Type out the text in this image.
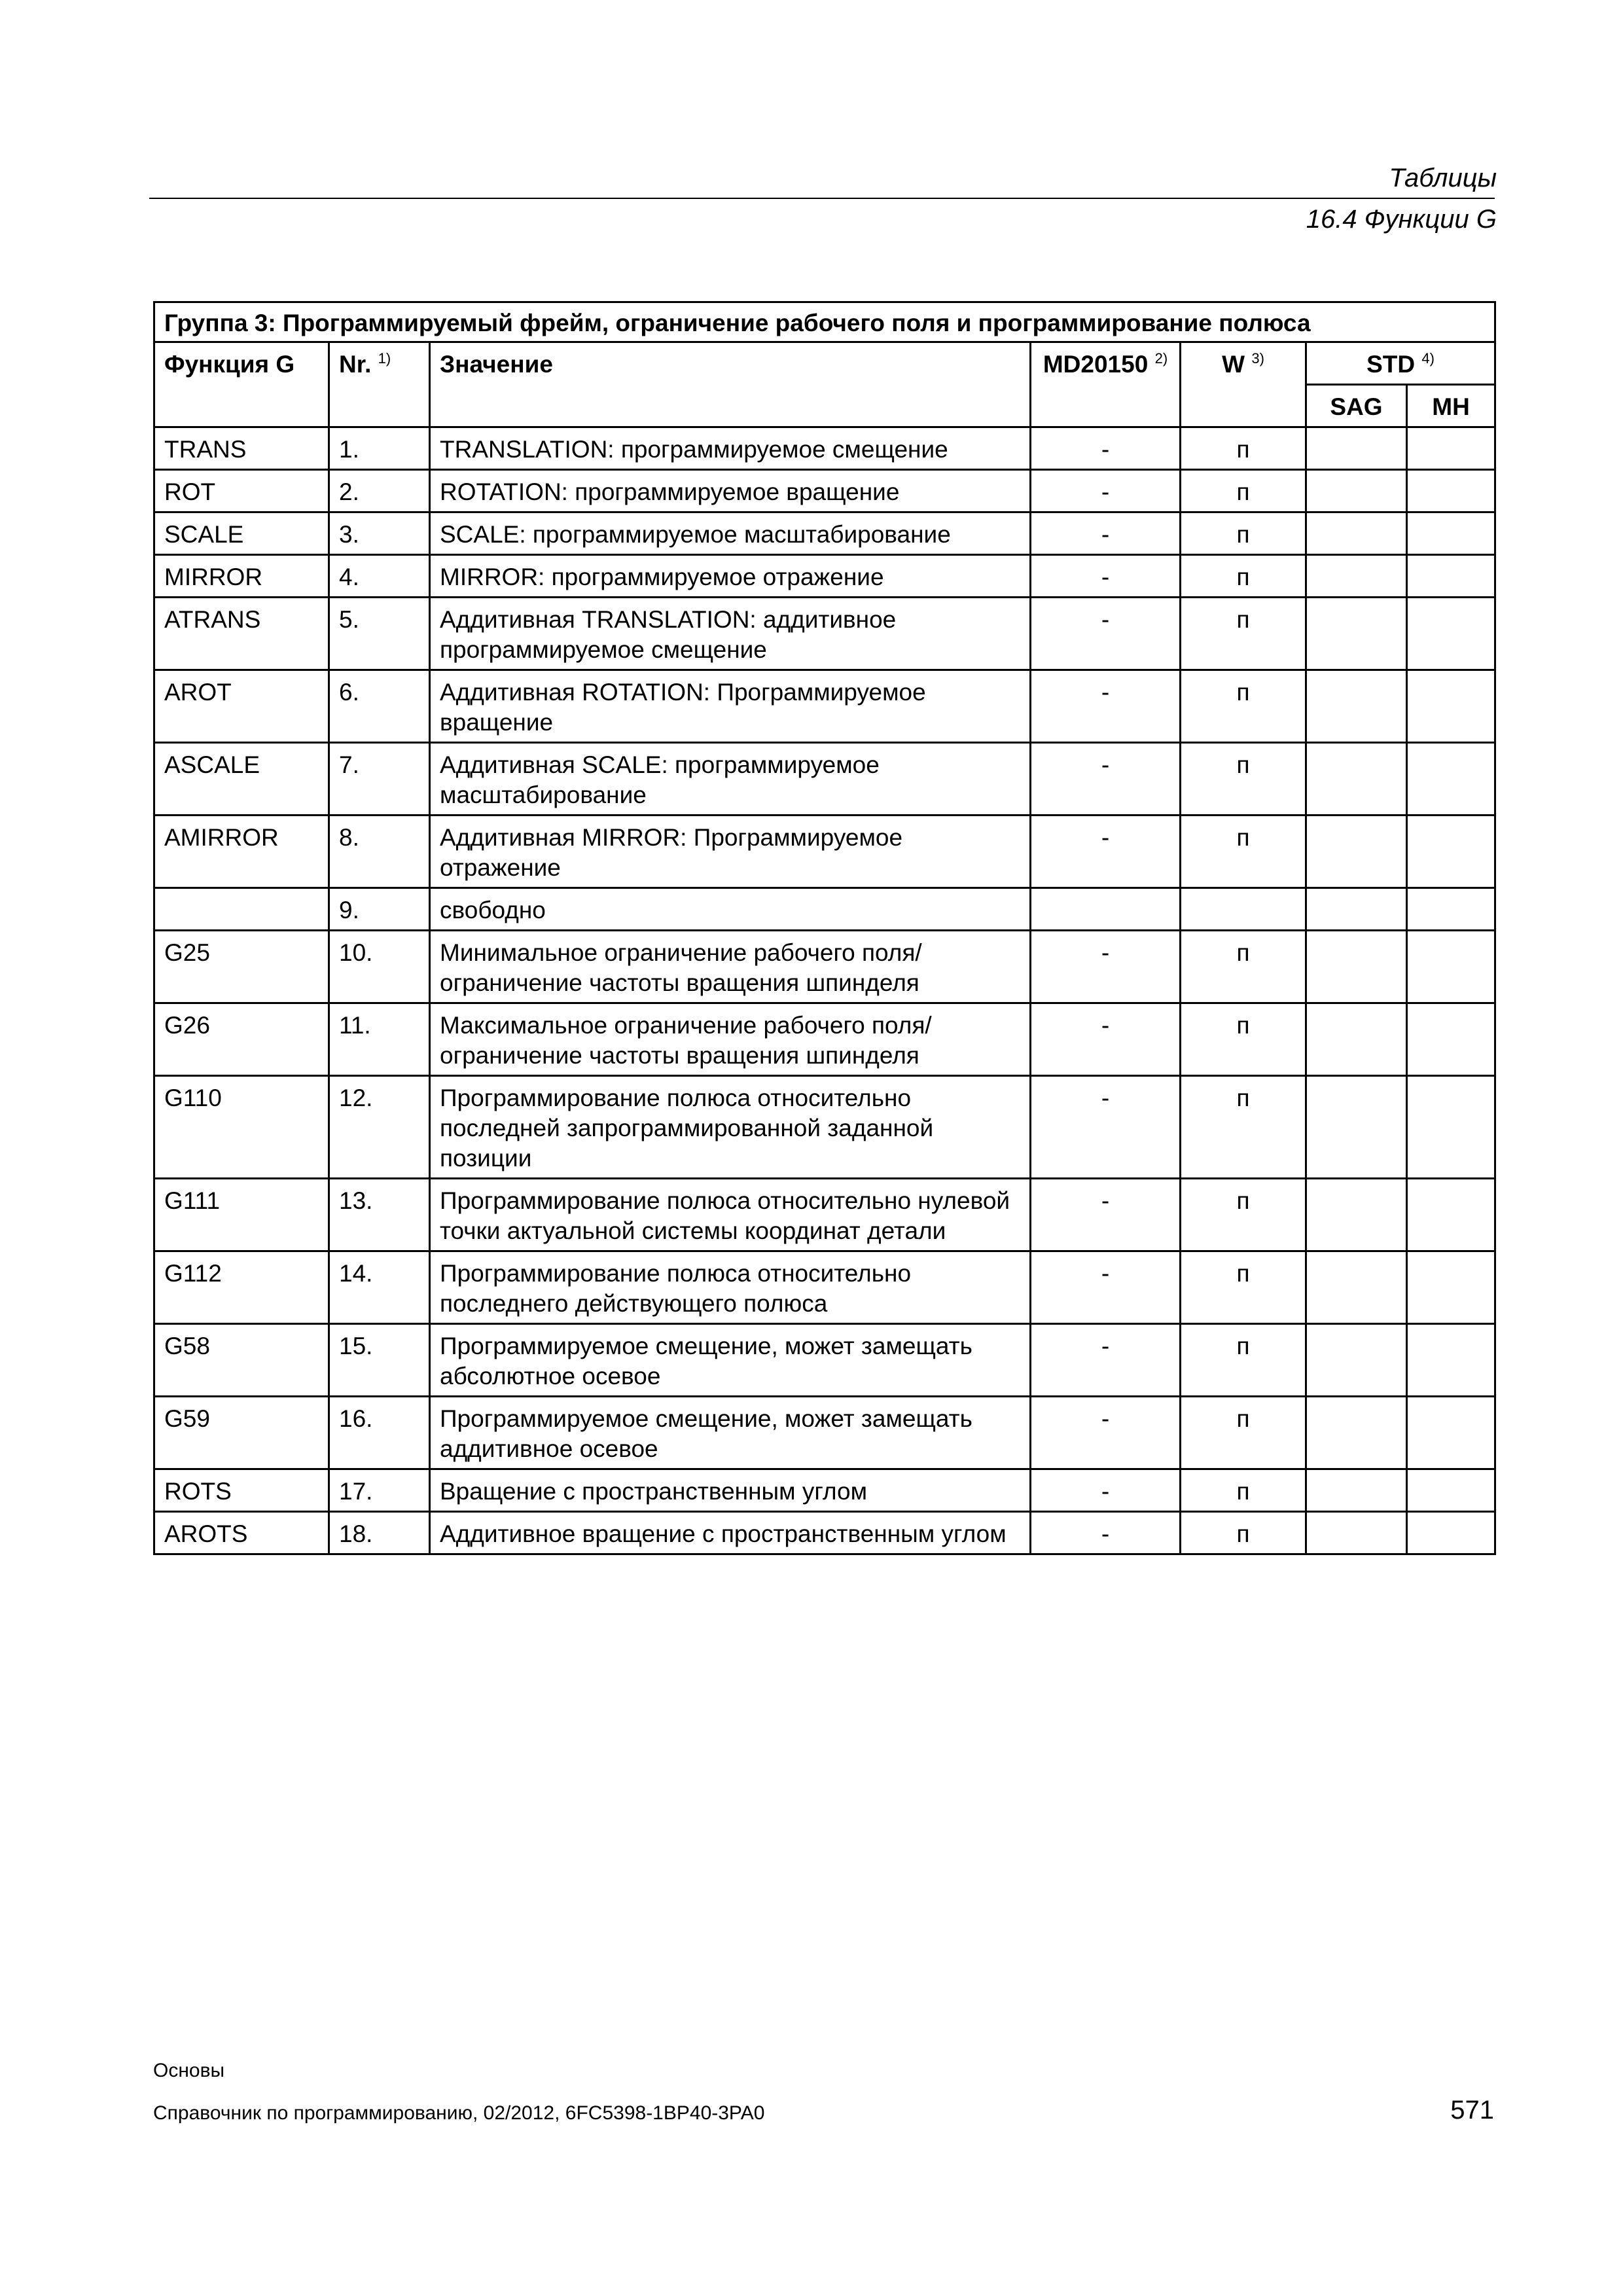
Таблицы
16.4 Функции G
Группа 3: Программируемый фрейм, ограничение рабочего поля и программирование полюса						
Функция G	Nr. $^{1)}$	Значение	MD20150 $^{2)}$	W $^{3)}$	STD $^{4)}$
					SAG	MH
TRANS	1.	TRANSLATION: программируемое смещение	-	п		
ROT	2.	ROTATION: программируемое вращение	-	п		
SCALE	3.	SCALE: программируемое масштабирование	-	п		
MIRROR	4.	MIRROR: программируемое отражение	-	п		
ATRANS	5.	Аддитивная TRANSLATION: аддитивное программируемое смещение	-	п		
AROT	6.	Аддитивная ROTATION: Программируемое вращение	-	п		
ASCALE	7.	Аддитивная SCALE: программируемое масштабирование	-	п		
AMIRROR	8.	Аддитивная MIRROR: Программируемое отражение	-	п		
	9.	свободно				
G25	10.	Минимальное ограничение рабочего поля/ограничение частоты вращения шпинделя	-	п		
G26	11.	Максимальное ограничение рабочего поля/ограничение частоты вращения шпинделя	-	п		
G110	12.	Программирование полюса относительно последней запрограммированной заданной позиции	-	п		
G111	13.	Программирование полюса относительно нулевой точки актуальной системы координат детали	-	п		
G112	14.	Программирование полюса относительно последнего действующего полюса	-	п		
G58	15.	Программируемое смещение, может замещать абсолютное осевое	-	п		
G59	16.	Программируемое смещение, может замещать аддитивное осевое	-	п		
ROTS	17.	Вращение с пространственным углом	-	п		
AROTS	18.	Аддитивное вращение с пространственным углом	-	п		
Основы
Справочник по программированию, 02/2012, 6FC5398-1BP40-3PA0	571
